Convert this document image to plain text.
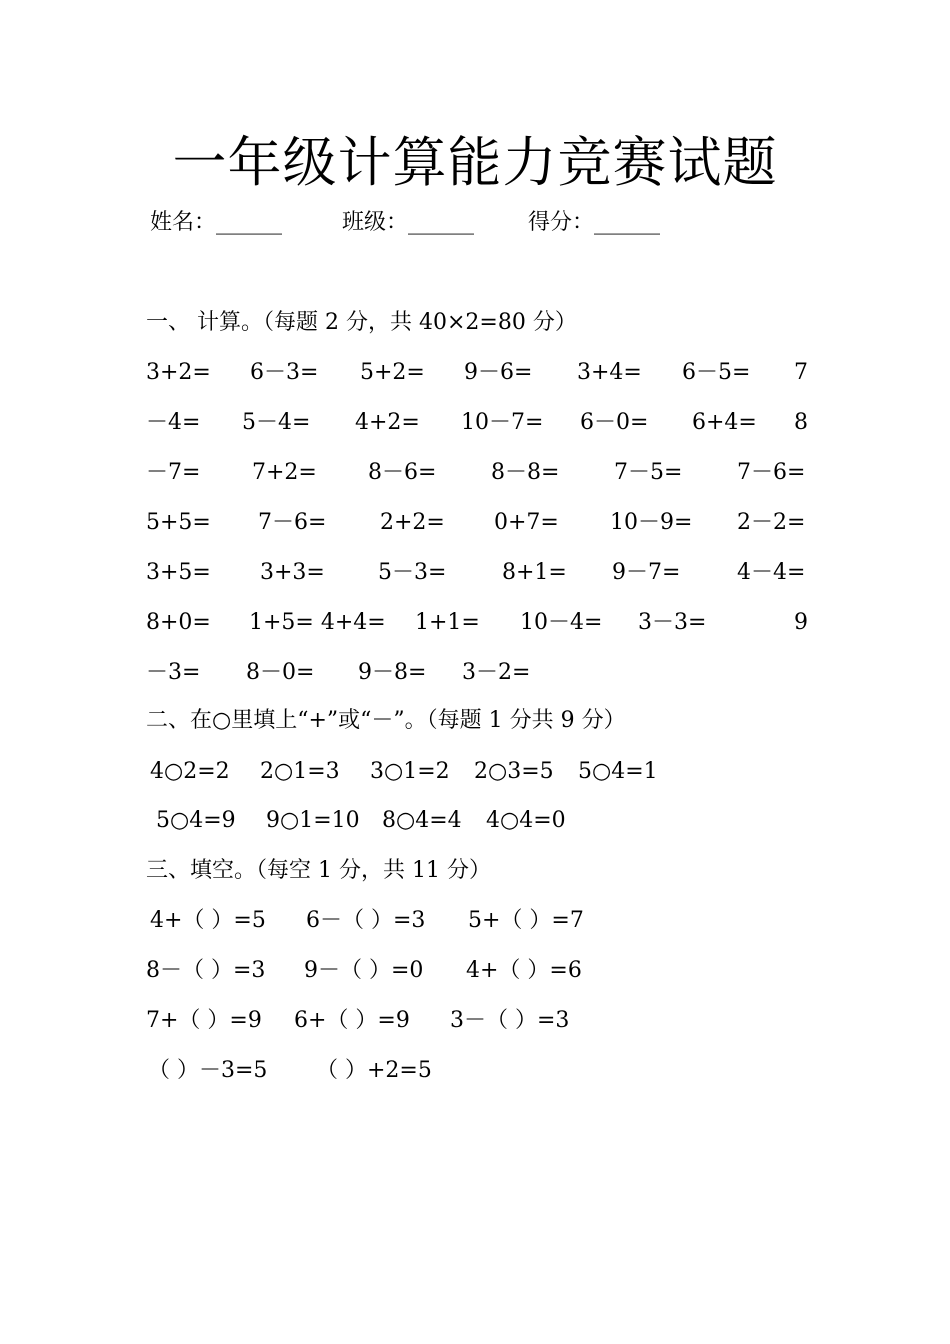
一年级计算能力竞赛试题
姓名：______	班级：______ 得分：______
一、 计算。（每题 2 分，共 40×2=80 分）
3+2= 6－3= 5+2= 9－6= 3+4= 6－5= 7
－4= 5－4= 4+2= 10－7= 6－0= 6+4= 8
－7= 7+2= 8－6= 8－8= 7－5= 7－6=
5+5= 7－6= 2+2= 0+7= 10－9= 2－2=
3+5= 3+3= 5－3=	8+1= 9－7=	4－4=
8+0= 1+5= 4+4= 1+1= 10－4= 3－3=	9
－3= 8－0= 9－8= 3－2=
二、在○里填上“+”或“－”。（每题 1 分共 9 分）
4○2=2 2○1=3 3○1=2 2○3=5 5○4=1
5○4=9 9○1=10 8○4=4 4○4=0
三、填空。（每空 1 分，共 11 分）
4+（ ）=5 6－（ ）=3 5+（ ）=7
8－（ ）=3 9－（ ）=0 4+（ ）=6
7+（ ）=9 6+（ ）=9 3－（ ）=3
（ ）－3=5 （ ）+2=5
